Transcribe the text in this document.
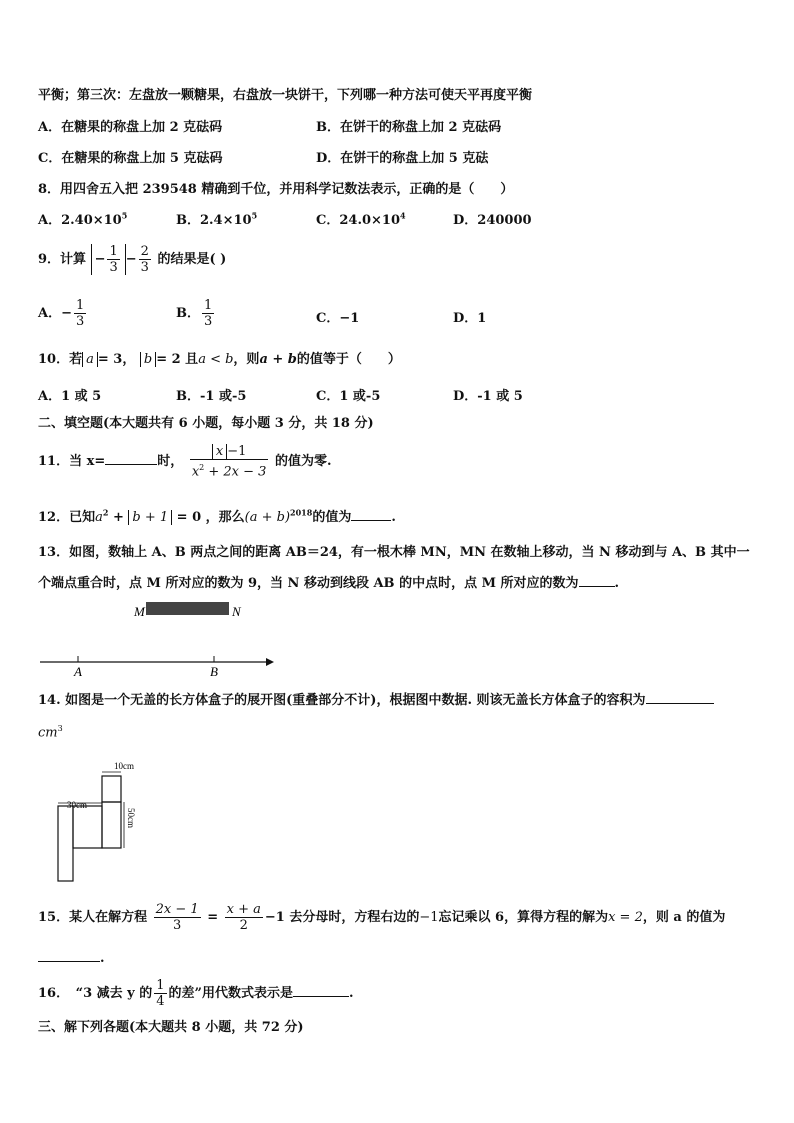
平衡；第三次：左盘放一颗糖果，右盘放一块饼干，下列哪一种方法可使天平再度平衡
A．在糖果的称盘上加 2 克砝码	B．在饼干的称盘上加 2 克砝码
C．在糖果的称盘上加 5 克砝码	D．在饼干的称盘上加 5 克砝
8．用四舍五入把 239548 精确到千位，并用科学记数法表示，正确的是（　　）
A．$2.40\times 10^5$	B．$2.4\times 10^5$	C．$24.0\times 10^4$	D．240000
9．计算 − $\frac{1}{3} - \frac{2}{3}$ 的结果是( )
A．− $\frac{1}{3}$	B． $\frac{1}{3}$	C．−1	D．1
10．若 a = 3， b = 2 且a < b，则a + b的值等于（　　）
A．1 或 5	B．-1 或-5	C．1 或-5	D．-1 或 5
二、填空题(本大题共有 6 小题，每小题 3 分，共 18 分)
11．当 x=	时， $\frac{x -1}{x^2 + 2x - 3}$ 的值为零.
12．已知$a^2 + b + 1 = 0$ ，那么$(a + b)^{2018}$的值为	.
13．如图，数轴上 A、B 两点之间的距离 AB＝24，有一根木棒 MN，MN 在数轴上移动，当 N 移动到与 A、B 其中一
个端点重合时，点 M 所对应的数为 9，当 N 移动到线段 AB 的中点时，点 M 所对应的数为	.
M	N
A	B
14. 如图是一个无盖的长方体盒子的展开图(重叠部分不计)，根据图中数据. 则该无盖长方体盒子的容积为
$cm^3$
10cm
30cm
50cm
15．某人在解方程 $\frac{2x - 1}{3} = \frac{x + a}{2} -1$ 去分母时，方程右边的−1忘记乘以 6，算得方程的解为x = 2，则 a 的值为
.
16．　“3 减去 y 的 $\frac{1}{4}$ 的差”用代数式表示是	.
三、解下列各题(本大题共 8 小题，共 72 分)
